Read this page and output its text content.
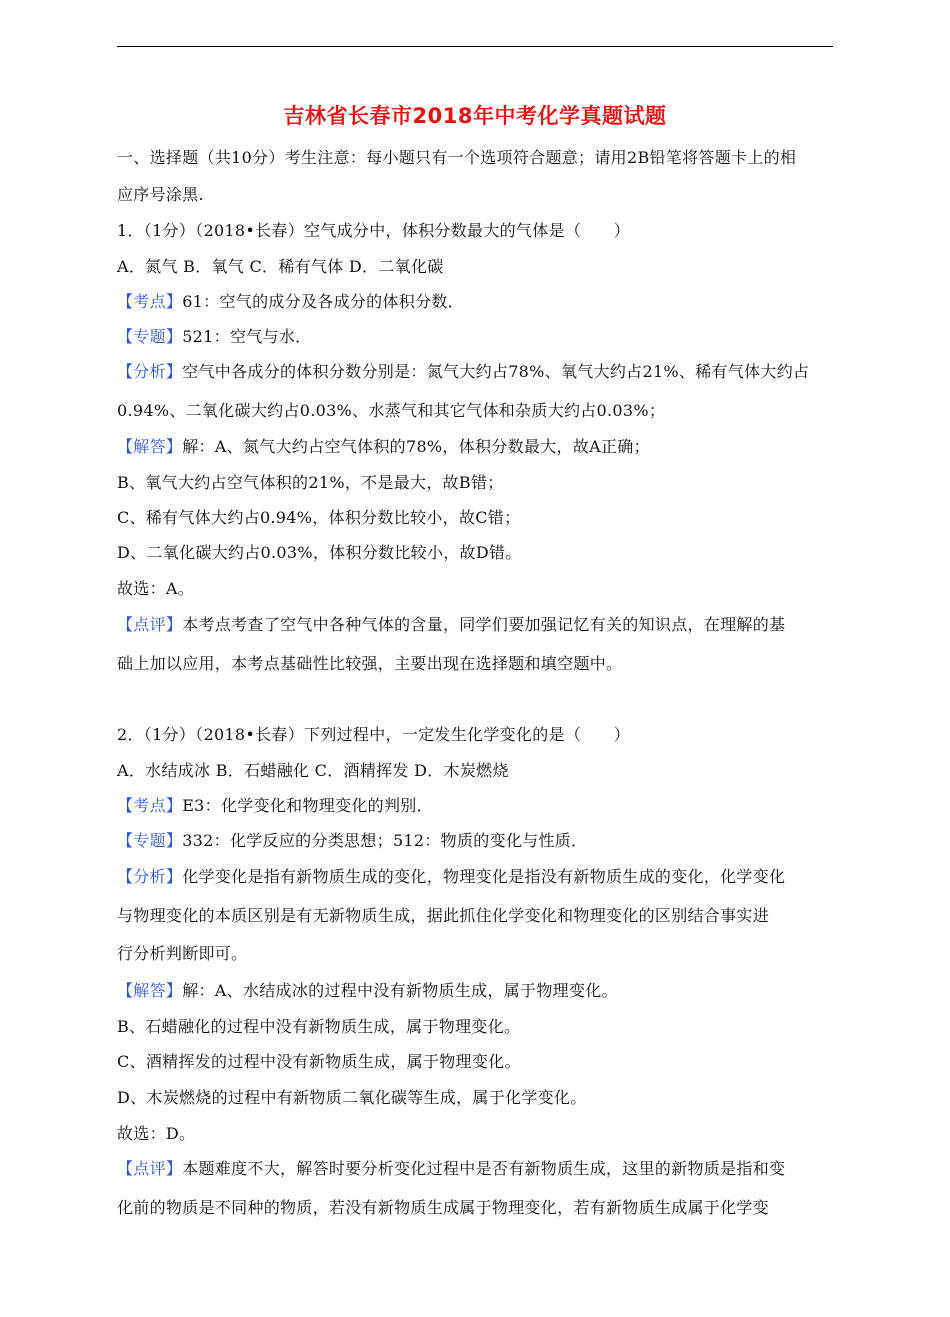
吉林省长春市2018年中考化学真题试题
一、选择题（共10分）考生注意：每小题只有一个选项符合题意；请用2B铅笔将答题卡上的相
应序号涂黑.
1．（1分）（2018•长春）空气成分中，体积分数最大的气体是（　　）
A．氮气 B．氧气 C．稀有气体 D．二氧化碳
【考点】61：空气的成分及各成分的体积分数．
【专题】521：空气与水．
【分析】空气中各成分的体积分数分别是：氮气大约占78%、氧气大约占21%、稀有气体大约占
0.94%、二氧化碳大约占0.03%、水蒸气和其它气体和杂质大约占0.03%；
【解答】解：A、氮气大约占空气体积的78%，体积分数最大，故A正确；
B、氧气大约占空气体积的21%，不是最大，故B错；
C、稀有气体大约占0.94%，体积分数比较小，故C错；
D、二氧化碳大约占0.03%，体积分数比较小，故D错。
故选：A。
【点评】本考点考查了空气中各种气体的含量，同学们要加强记忆有关的知识点，在理解的基
础上加以应用，本考点基础性比较强，主要出现在选择题和填空题中。
2．（1分）（2018•长春）下列过程中，一定发生化学变化的是（　　）
A．水结成冰 B．石蜡融化 C．酒精挥发 D．木炭燃烧
【考点】E3：化学变化和物理变化的判别．
【专题】332：化学反应的分类思想；512：物质的变化与性质．
【分析】化学变化是指有新物质生成的变化，物理变化是指没有新物质生成的变化，化学变化
与物理变化的本质区别是有无新物质生成，据此抓住化学变化和物理变化的区别结合事实进
行分析判断即可。
【解答】解：A、水结成冰的过程中没有新物质生成，属于物理变化。
B、石蜡融化的过程中没有新物质生成，属于物理变化。
C、酒精挥发的过程中没有新物质生成，属于物理变化。
D、木炭燃烧的过程中有新物质二氧化碳等生成，属于化学变化。
故选：D。
【点评】本题难度不大，解答时要分析变化过程中是否有新物质生成，这里的新物质是指和变
化前的物质是不同种的物质，若没有新物质生成属于物理变化，若有新物质生成属于化学变
